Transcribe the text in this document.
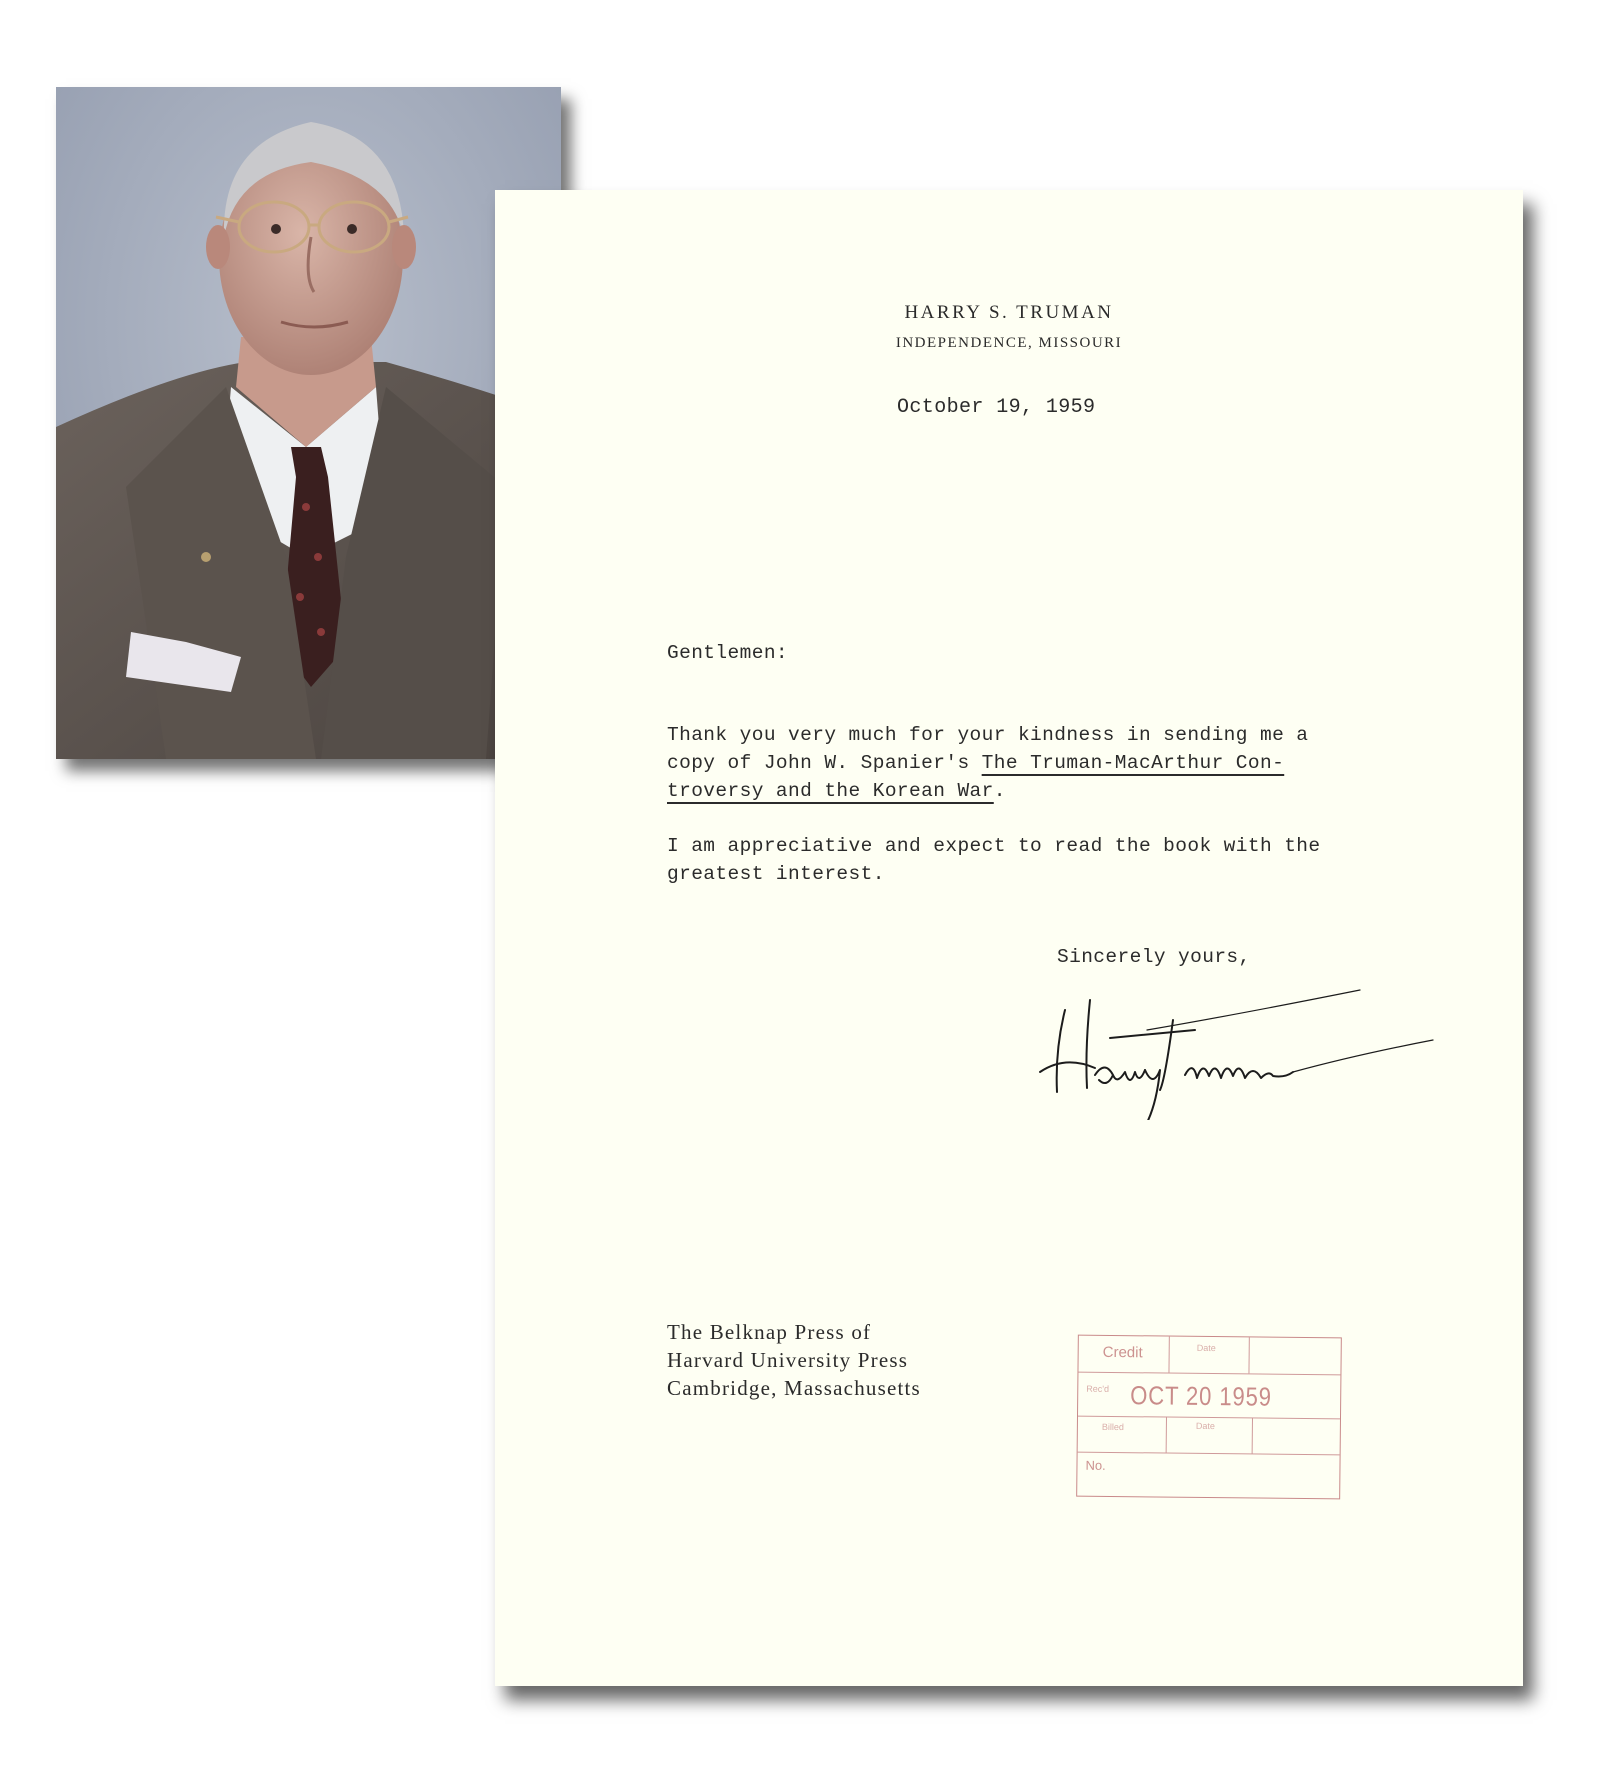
HARRY S. TRUMAN
INDEPENDENCE, MISSOURI
October 19, 1959
Gentlemen:
Thank you very much for your kindness in sending me a
copy of John W. Spanier's The Truman-MacArthur Con-
troversy and the Korean War.
I am appreciative and expect to read the book with the
greatest interest.
Sincerely yours,
The Belknap Press of
Harvard University Press
Cambridge, Massachusetts
Credit	Date
Rec'd OCT 20 1959
Billed	Date
No.
